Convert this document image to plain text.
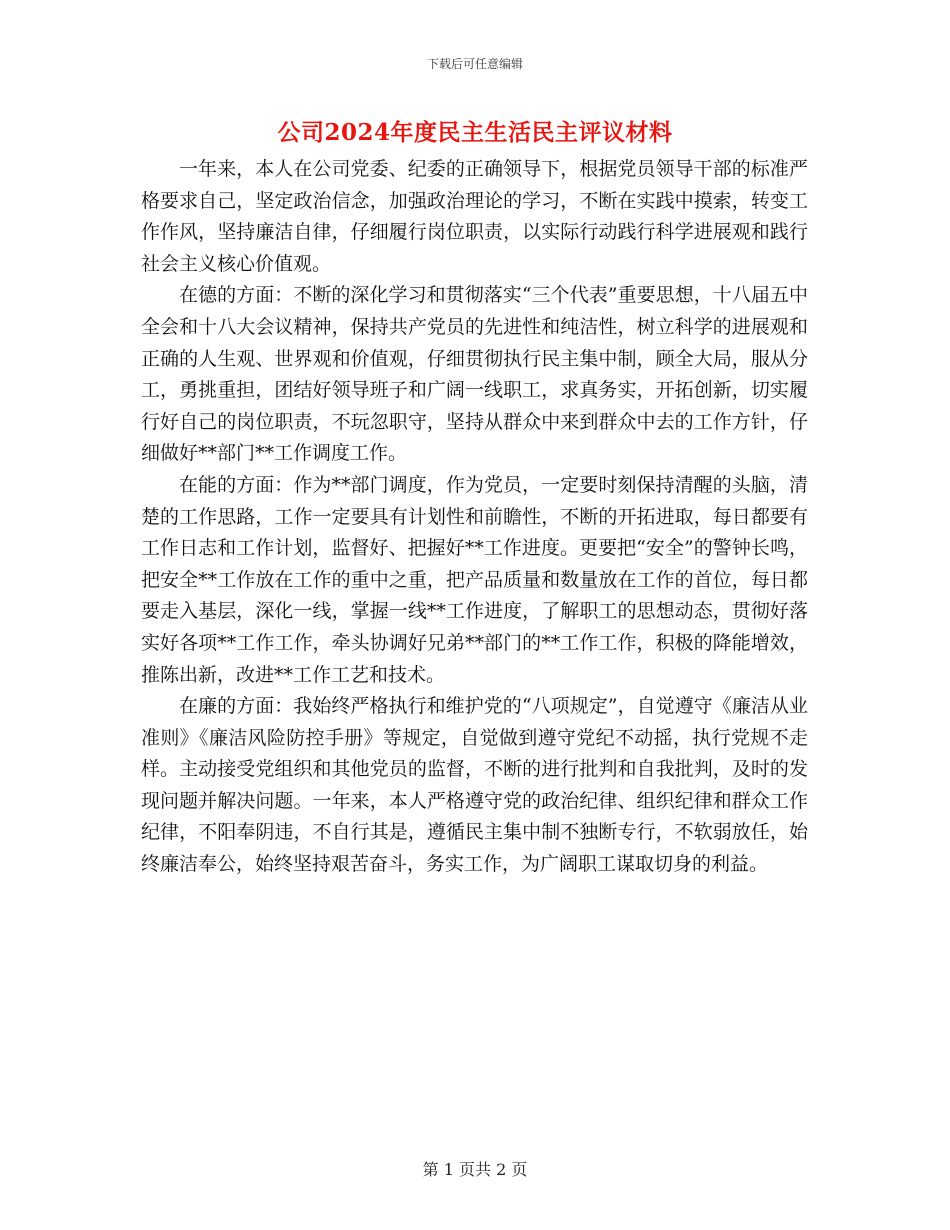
下载后可任意编辑
公司2024年度民主生活民主评议材料

一年来，本人在公司党委、纪委的正确领导下，根据党员领导干部的标准严格要求自己，坚定政治信念，加强政治理论的学习，不断在实践中摸索，转变工作作风，坚持廉洁自律，仔细履行岗位职责，以实际行动践行科学进展观和践行社会主义核心价值观。

在德的方面：不断的深化学习和贯彻落实“三个代表”重要思想，十八届五中全会和十八大会议精神，保持共产党员的先进性和纯洁性，树立科学的进展观和正确的人生观、世界观和价值观，仔细贯彻执行民主集中制，顾全大局，服从分工，勇挑重担，团结好领导班子和广阔一线职工，求真务实，开拓创新，切实履行好自己的岗位职责，不玩忽职守，坚持从群众中来到群众中去的工作方针，仔细做好**部门**工作调度工作。

在能的方面：作为**部门调度，作为党员，一定要时刻保持清醒的头脑，清楚的工作思路，工作一定要具有计划性和前瞻性，不断的开拓进取，每日都要有工作日志和工作计划，监督好、把握好**工作进度。更要把“安全”的警钟长鸣，把安全**工作放在工作的重中之重，把产品质量和数量放在工作的首位，每日都要走入基层，深化一线，掌握一线**工作进度，了解职工的思想动态，贯彻好落实好各项**工作工作，牵头协调好兄弟**部门的**工作工作，积极的降能增效，推陈出新，改进**工作工艺和技术。

在廉的方面：我始终严格执行和维护党的“八项规定”，自觉遵守《廉洁从业准则》《廉洁风险防控手册》等规定，自觉做到遵守党纪不动摇，执行党规不走样。主动接受党组织和其他党员的监督，不断的进行批判和自我批判，及时的发现问题并解决问题。一年来，本人严格遵守党的政治纪律、组织纪律和群众工作纪律，不阳奉阴违，不自行其是，遵循民主集中制不独断专行，不软弱放任，始终廉洁奉公，始终坚持艰苦奋斗，务实工作，为广阔职工谋取切身的利益。

第 1 页共 2 页
